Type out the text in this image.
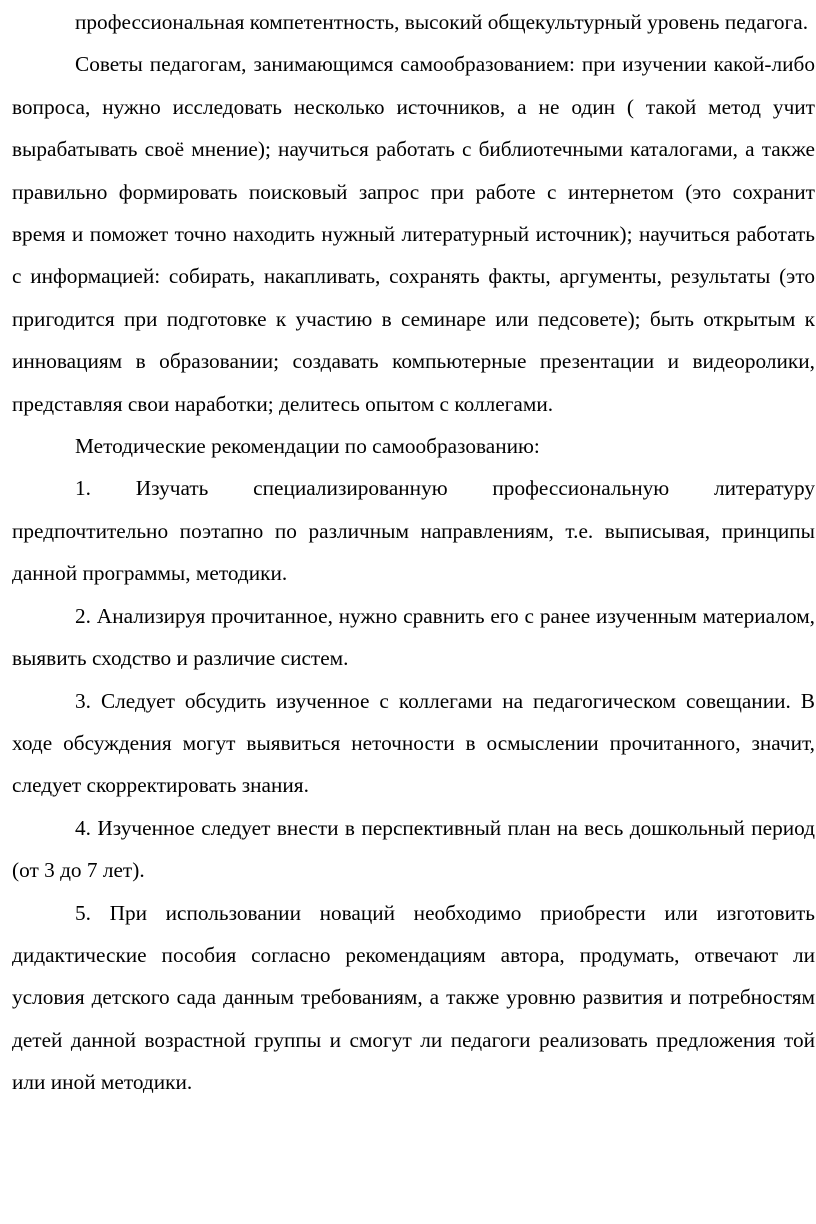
профессиональная компетентность, высокий общекультурный уровень педагога.

Советы педагогам, занимающимся самообразованием: при изучении какой-либо вопроса, нужно исследовать несколько источников, а не один ( такой метод учит вырабатывать своё мнение); научиться работать с библиотечными каталогами, а также правильно формировать поисковый запрос при работе с интернетом (это сохранит время и поможет точно находить нужный литературный источник); научиться работать с информацией: собирать, накапливать, сохранять факты, аргументы, результаты (это пригодится при подготовке к участию в семинаре или педсовете); быть открытым к инновациям в образовании; создавать компьютерные презентации и видеоролики, представляя свои наработки; делитесь опытом с коллегами.

Методические рекомендации по самообразованию:

1. Изучать специализированную профессиональную литературу предпочтительно поэтапно по различным направлениям, т.е. выписывая, принципы данной программы, методики.

2. Анализируя прочитанное, нужно сравнить его с ранее изученным материалом, выявить сходство и различие систем.

3. Следует обсудить изученное с коллегами на педагогическом совещании. В ходе обсуждения могут выявиться неточности в осмыслении прочитанного, значит, следует скорректировать знания.

4. Изученное следует внести в перспективный план на весь дошкольный период (от 3 до 7 лет).

5. При использовании новаций необходимо приобрести или изготовить дидактические пособия согласно рекомендациям автора, продумать, отвечают ли условия детского сада данным требованиям, а также уровню развития и потребностям детей данной возрастной группы и смогут ли педагоги реализовать предложения той или иной методики.
